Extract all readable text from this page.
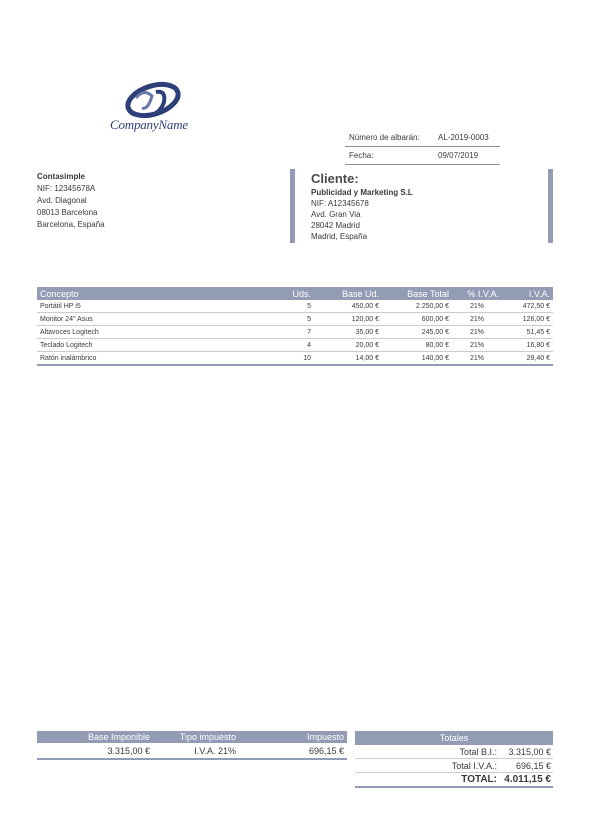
CompanyName
Número de albarán: AL-2019-0003
Fecha:	09/07/2019
Contasimple
NIF: 12345678A
Avd. Diagonal
08013 Barcelona
Barcelona, España
Cliente:
Publicidad y Marketing S.L
NIF: A12345678
Avd. Gran Via
28042 Madrid
Madrid, España
Concepto	Uds.	Base Ud.	Base Total	% I.V.A.	I.V.A.
Portátil HP i5	5	450,00 €	2.250,00 €	21%	472,50 €
Monitor 24" Asus	5	120,00 €	600,00 €	21%	126,00 €
Altavoces Logitech	7	35,00 €	245,00 €	21%	51,45 €
Teclado Logitech	4	20,00 €	80,00 €	21%	16,80 €
Ratón inalámbrico	10	14,00 €	140,00 €	21%	29,40 €
Base Imponible	Tipo impuesto	Impuesto
3.315,00 €	I.V.A. 21%	696,15 €
Totales	
Total B.I.:	3.315,00 €
Total I.V.A.:	696,15 €
TOTAL:	4.011,15 €
